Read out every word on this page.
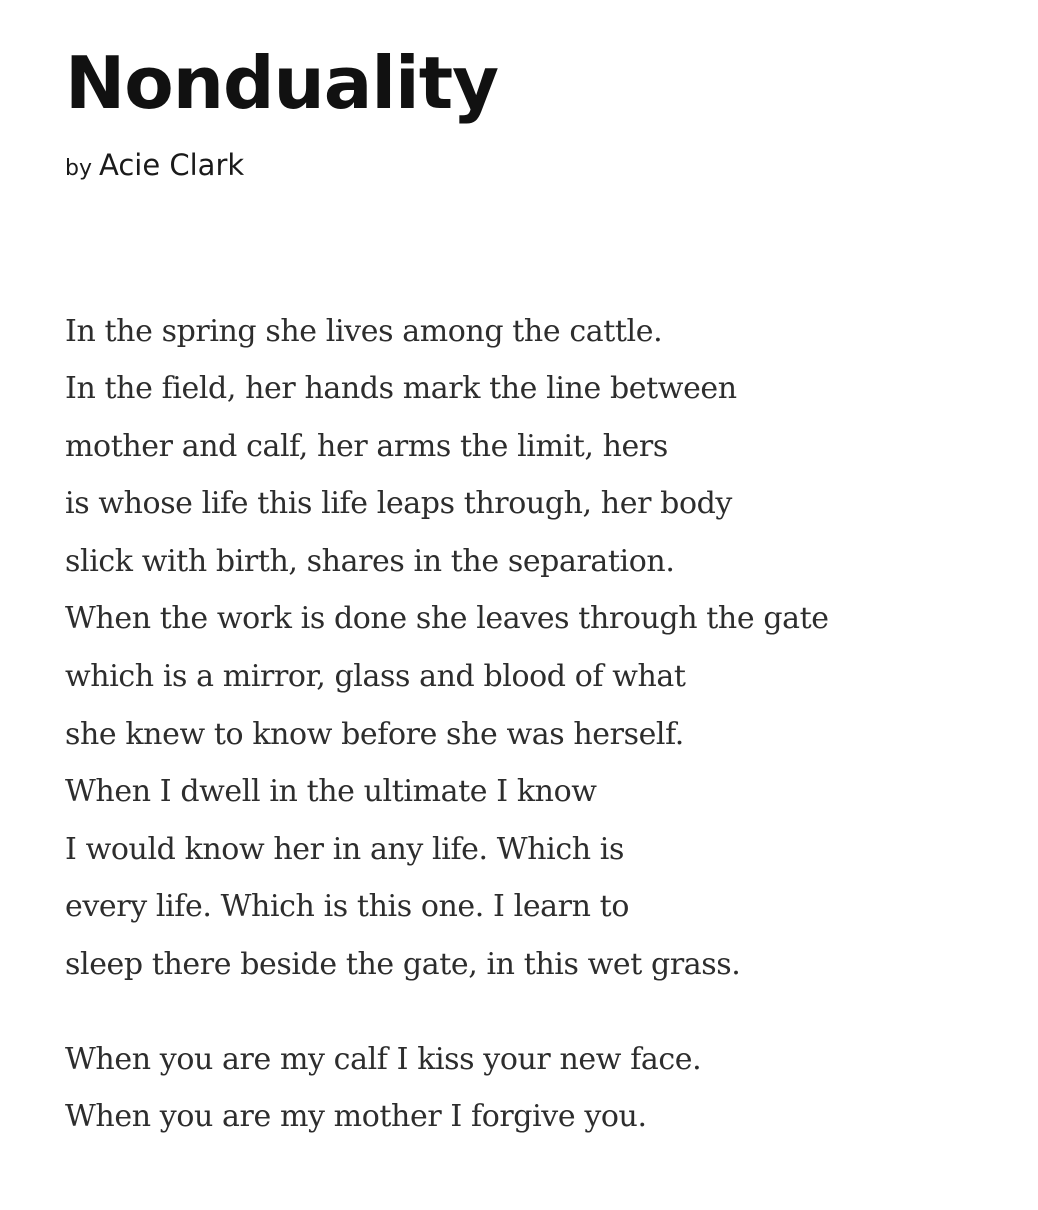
Nonduality
by Acie Clark
In the spring she lives among the cattle.
In the field, her hands mark the line between
mother and calf, her arms the limit, hers
is whose life this life leaps through, her body
slick with birth, shares in the separation.
When the work is done she leaves through the gate
which is a mirror, glass and blood of what
she knew to know before she was herself.
When I dwell in the ultimate I know
I would know her in any life. Which is
every life. Which is this one. I learn to
sleep there beside the gate, in this wet grass.
When you are my calf I kiss your new face.
When you are my mother I forgive you.
